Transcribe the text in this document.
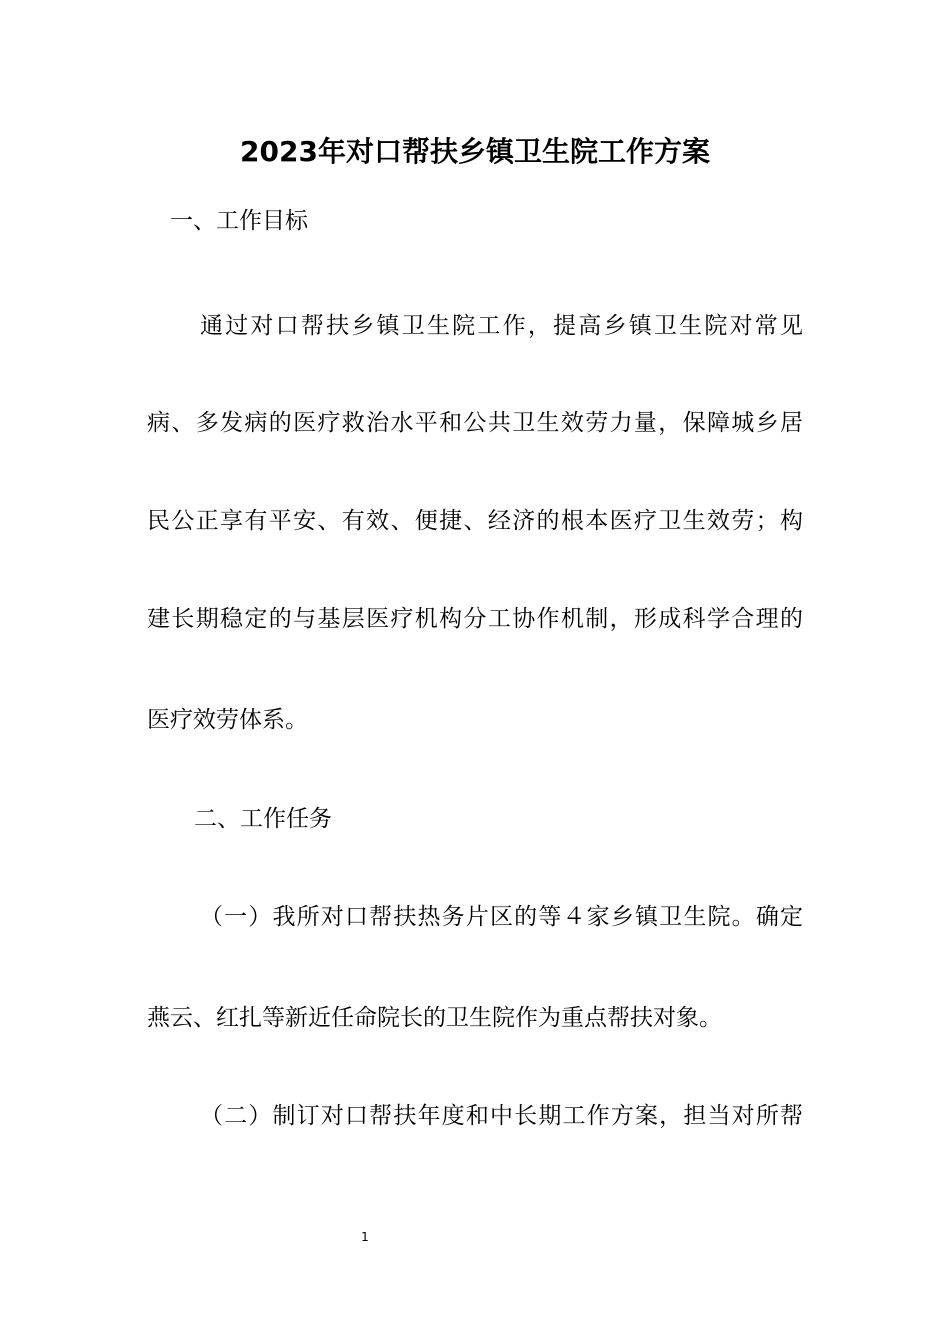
2023年对口帮扶乡镇卫生院工作方案
一、工作目标
通过对口帮扶乡镇卫生院工作，提高乡镇卫生院对常见
病、多发病的医疗救治水平和公共卫生效劳力量，保障城乡居
民公正享有平安、有效、便捷、经济的根本医疗卫生效劳；构
建长期稳定的与基层医疗机构分工协作机制，形成科学合理的
医疗效劳体系。
二、工作任务
（一）我所对口帮扶热务片区的等４家乡镇卫生院。确定
燕云、红扎等新近任命院长的卫生院作为重点帮扶对象。
（二）制订对口帮扶年度和中长期工作方案，担当对所帮
1
